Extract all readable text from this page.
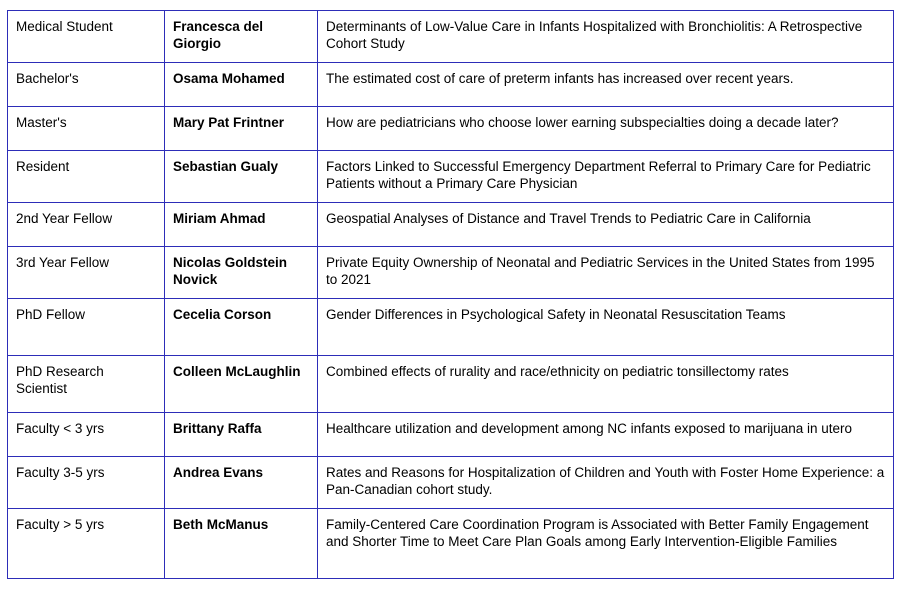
Medical Student	Francesca del Giorgio	Determinants of Low-Value Care in Infants Hospitalized with Bronchiolitis: A Retrospective Cohort Study
Bachelor's	Osama Mohamed	The estimated cost of care of preterm infants has increased over recent years.
Master's	Mary Pat Frintner	How are pediatricians who choose lower earning subspecialties doing a decade later?
Resident	Sebastian Gualy	Factors Linked to Successful Emergency Department Referral to Primary Care for Pediatric Patients without a Primary Care Physician
2nd Year Fellow	Miriam Ahmad	Geospatial Analyses of Distance and Travel Trends to Pediatric Care in California
3rd Year Fellow	Nicolas Goldstein Novick	Private Equity Ownership of Neonatal and Pediatric Services in the United States from 1995 to 2021
PhD Fellow	Cecelia Corson	Gender Differences in Psychological Safety in Neonatal Resuscitation Teams
PhD Research Scientist	Colleen McLaughlin	Combined effects of rurality and race/ethnicity on pediatric tonsillectomy rates
Faculty < 3 yrs	Brittany Raffa	Healthcare utilization and development among NC infants exposed to marijuana in utero
Faculty 3-5 yrs	Andrea Evans	Rates and Reasons for Hospitalization of Children and Youth with Foster Home Experience: a Pan-Canadian cohort study.
Faculty > 5 yrs	Beth McManus	Family-Centered Care Coordination Program is Associated with Better Family Engagement and Shorter Time to Meet Care Plan Goals among Early Intervention-Eligible Families
